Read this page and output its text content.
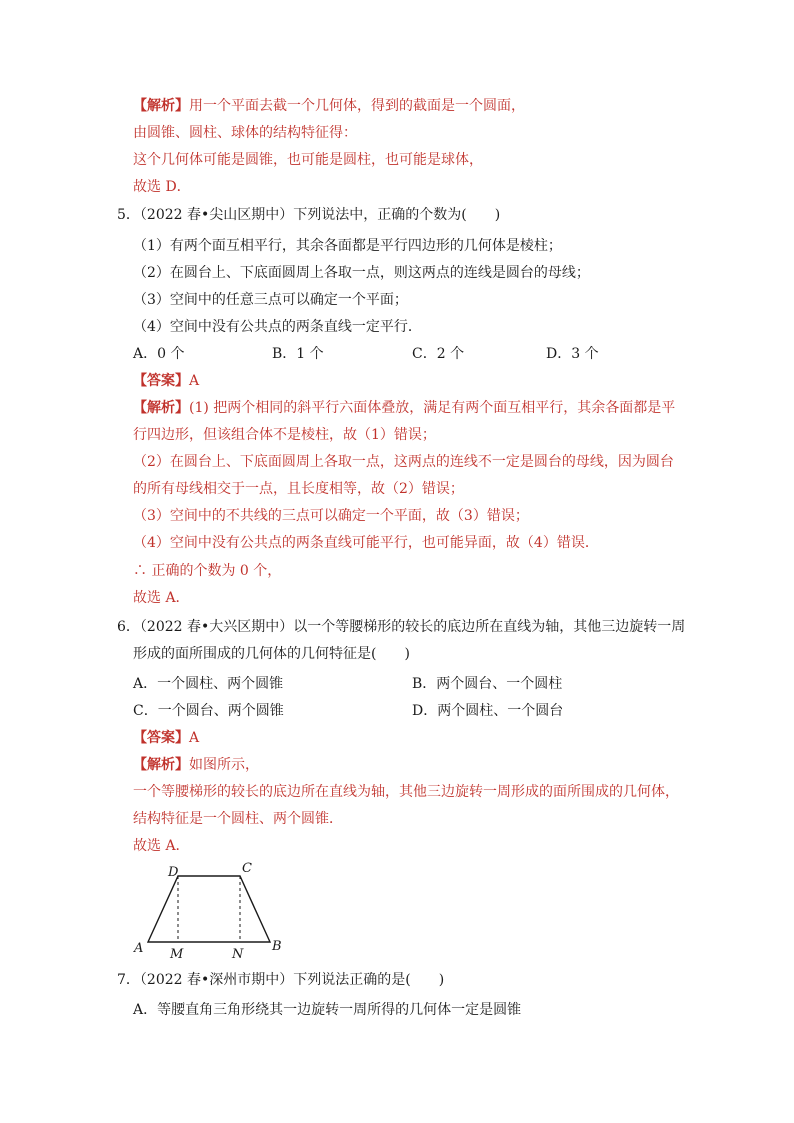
【解析】用一个平面去截一个几何体，得到的截面是一个圆面，
由圆锥、圆柱、球体的结构特征得：
这个几何体可能是圆锥，也可能是圆柱，也可能是球体，
故选 D．
5．（2022 春•尖山区期中）下列说法中，正确的个数为(　　)
（1）有两个面互相平行，其余各面都是平行四边形的几何体是棱柱；
（2）在圆台上、下底面圆周上各取一点，则这两点的连线是圆台的母线；
（3）空间中的任意三点可以确定一个平面；
（4）空间中没有公共点的两条直线一定平行．
A．0 个	B．1 个	C．2 个	D．3 个
【答案】A
【解析】(1) 把两个相同的斜平行六面体叠放，满足有两个面互相平行，其余各面都是平
行四边形，但该组合体不是棱柱，故（1）错误；
（2）在圆台上、下底面圆周上各取一点，这两点的连线不一定是圆台的母线，因为圆台
的所有母线相交于一点，且长度相等，故（2）错误；
（3）空间中的不共线的三点可以确定一个平面，故（3）错误；
（4）空间中没有公共点的两条直线可能平行，也可能异面，故（4）错误．
∴ 正确的个数为 0 个，
故选 A．
6．（2022 春•大兴区期中）以一个等腰梯形的较长的底边所在直线为轴，其他三边旋转一周
形成的面所围成的几何体的几何特征是(　　)
A．一个圆柱、两个圆锥	B．两个圆台、一个圆柱
C．一个圆台、两个圆锥	D．两个圆柱、一个圆台
【答案】A
【解析】如图所示，
一个等腰梯形的较长的底边所在直线为轴，其他三边旋转一周形成的面所围成的几何体，
结构特征是一个圆柱、两个圆锥．
故选 A．
A	B
C
D
M	N
7．（2022 春•深州市期中）下列说法正确的是(　　)
A．等腰直角三角形绕其一边旋转一周所得的几何体一定是圆锥
